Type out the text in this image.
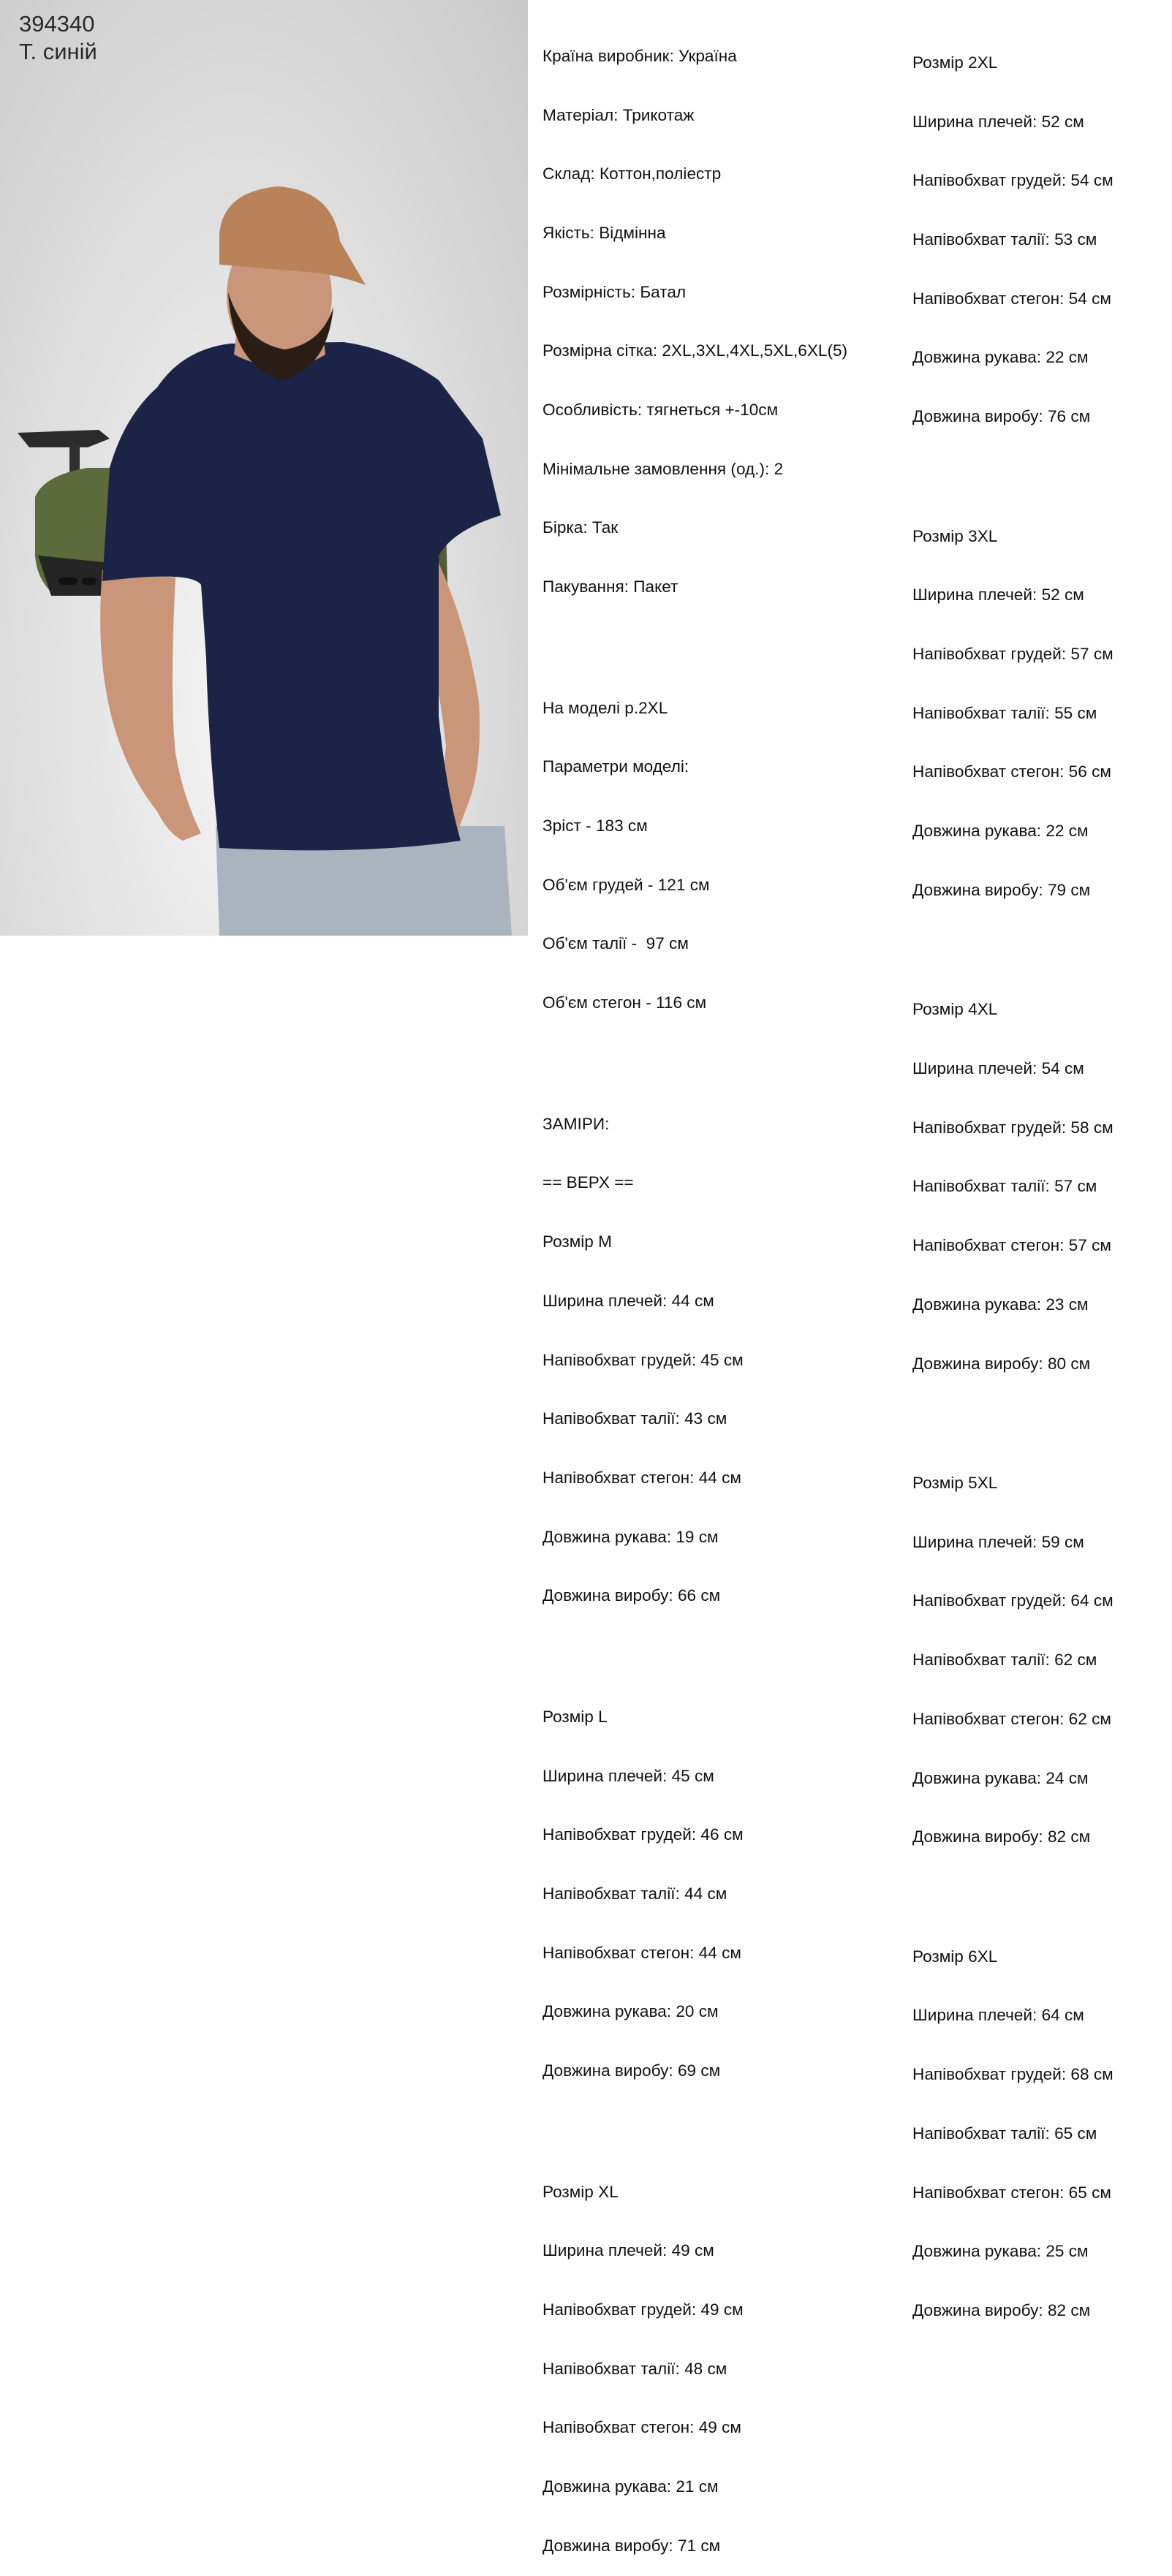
394340
Т. синій

	Країна виробник: Україна

Матеріал: Трикотаж

Склад: Коттон,поліестр

Якість: Відмінна

Розмірність: Батал

Розмірна сітка: 2XL,3XL,4XL,5XL,6XL(5)

Особливість: тягнеться +-10см

Мінімальне замовлення (од.): 2

Бірка: Так

Пакування: Пакет

На моделі р.2XL

Параметри моделі:

Зріст - 183 см

Об'єм грудей - 121 см

Об'єм талії -  97 см

Об'єм стегон - 116 см

ЗАМІРИ:

== ВЕРХ ==

Розмір M

Ширина плечей: 44 см

Напівобхват грудей: 45 см

Напівобхват талії: 43 см

Напівобхват стегон: 44 см

Довжина рукава: 19 см

Довжина виробу: 66 см

Розмір L

Ширина плечей: 45 см

Напівобхват грудей: 46 см

Напівобхват талії: 44 см

Напівобхват стегон: 44 см

Довжина рукава: 20 см

Довжина виробу: 69 см

Розмір XL

Ширина плечей: 49 см

Напівобхват грудей: 49 см

Напівобхват талії: 48 см

Напівобхват стегон: 49 см

Довжина рукава: 21 см

Довжина виробу: 71 см

Розмір 2XL

Ширина плечей: 52 см

Напівобхват грудей: 54 см

Напівобхват талії: 53 см

Напівобхват стегон: 54 см

Довжина рукава: 22 см

Довжина виробу: 76 см

Розмір 3XL

Ширина плечей: 52 см

Напівобхват грудей: 57 см

Напівобхват талії: 55 см

Напівобхват стегон: 56 см

Довжина рукава: 22 см

Довжина виробу: 79 см

Розмір 4XL

Ширина плечей: 54 см

Напівобхват грудей: 58 см

Напівобхват талії: 57 см

Напівобхват стегон: 57 см

Довжина рукава: 23 см

Довжина виробу: 80 см

Розмір 5XL

Ширина плечей: 59 см

Напівобхват грудей: 64 см

Напівобхват талії: 62 см

Напівобхват стегон: 62 см

Довжина рукава: 24 см

Довжина виробу: 82 см

Розмір 6XL

Ширина плечей: 64 см

Напівобхват грудей: 68 см

Напівобхват талії: 65 см

Напівобхват стегон: 65 см

Довжина рукава: 25 см

Довжина виробу: 82 см
